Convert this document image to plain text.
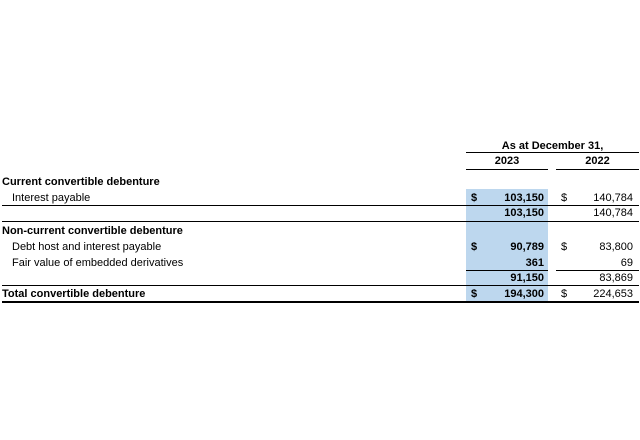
As at December 31,
2023	2022
Current convertible debenture
Interest payable	$	103,150 $	140,784
103,150	140,784
Non-current convertible debenture
Debt host and interest payable	$	90,789 $	83,800
Fair value of embedded derivatives	361	69
91,150	83,869
Total convertible debenture	$	194,300 $	224,653
